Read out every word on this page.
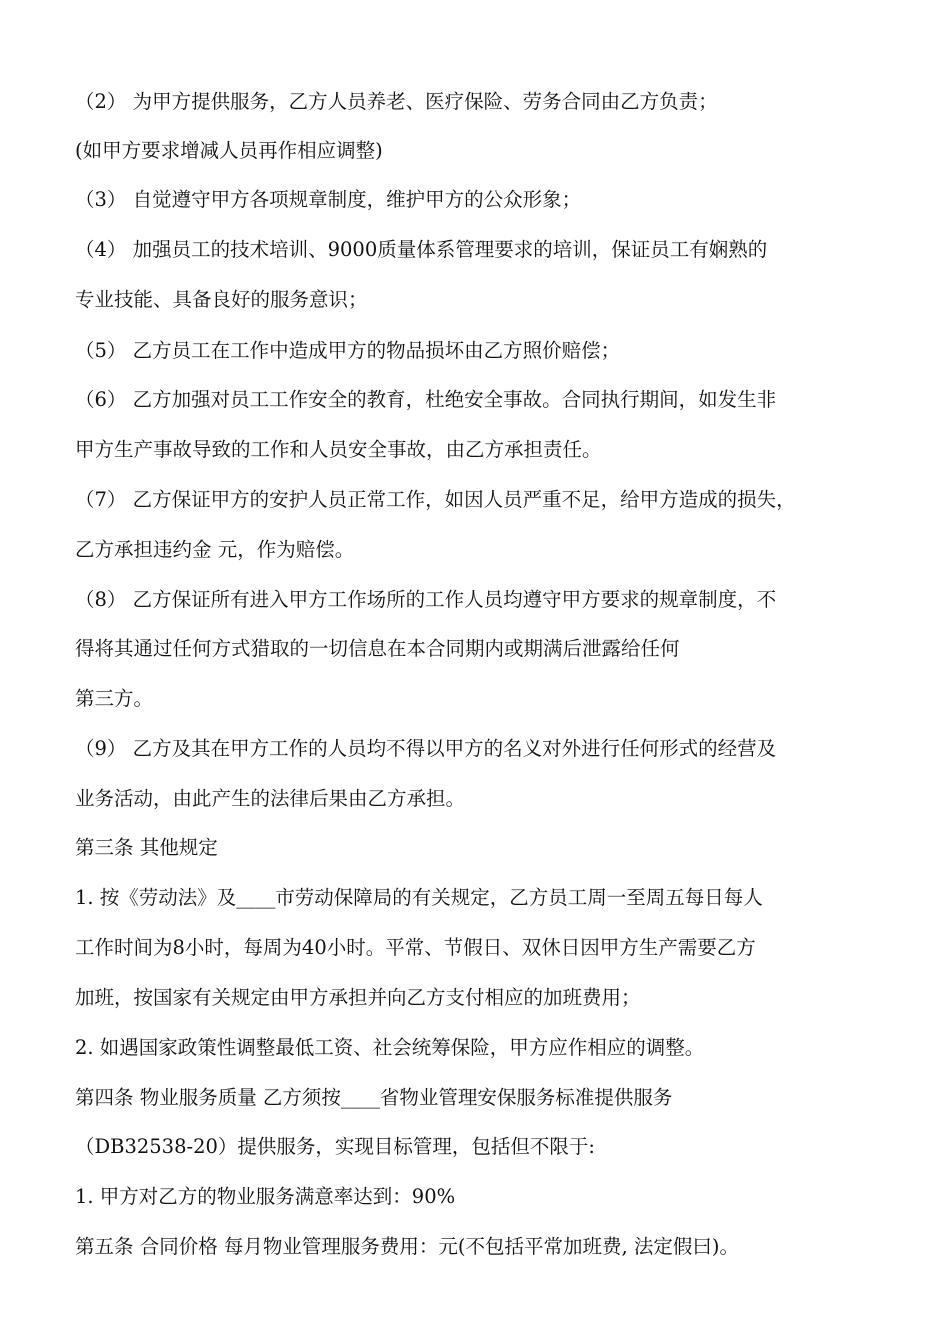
（2） 为甲方提供服务，乙方人员养老、医疗保险、劳务合同由乙方负责；
(如甲方要求增减人员再作相应调整)
（3） 自觉遵守甲方各项规章制度，维护甲方的公众形象；
（4） 加强员工的技术培训、9000质量体系管理要求的培训，保证员工有娴熟的
专业技能、具备良好的服务意识；
（5） 乙方员工在工作中造成甲方的物品损坏由乙方照价赔偿；
（6） 乙方加强对员工工作安全的教育，杜绝安全事故。合同执行期间，如发生非
甲方生产事故导致的工作和人员安全事故，由乙方承担责任。
（7） 乙方保证甲方的安护人员正常工作，如因人员严重不足，给甲方造成的损失，
乙方承担违约金 元，作为赔偿。
（8） 乙方保证所有进入甲方工作场所的工作人员均遵守甲方要求的规章制度，不
得将其通过任何方式猎取的一切信息在本合同期内或期满后泄露给任何
第三方。
（9） 乙方及其在甲方工作的人员均不得以甲方的名义对外进行任何形式的经营及
业务活动，由此产生的法律后果由乙方承担。
第三条 其他规定
1. 按《劳动法》及____市劳动保障局的有关规定，乙方员工周一至周五每日每人
工作时间为8小时，每周为40小时。平常、节假日、双休日因甲方生产需要乙方
加班，按国家有关规定由甲方承担并向乙方支付相应的加班费用；
2. 如遇国家政策性调整最低工资、社会统筹保险，甲方应作相应的调整。
第四条 物业服务质量 乙方须按____省物业管理安保服务标准提供服务
（DB32538-20）提供服务，实现目标管理，包括但不限于:
1. 甲方对乙方的物业服务满意率达到：90%
第五条 合同价格 每月物业管理服务费用：元(不包括平常加班费, 法定假曰)。
